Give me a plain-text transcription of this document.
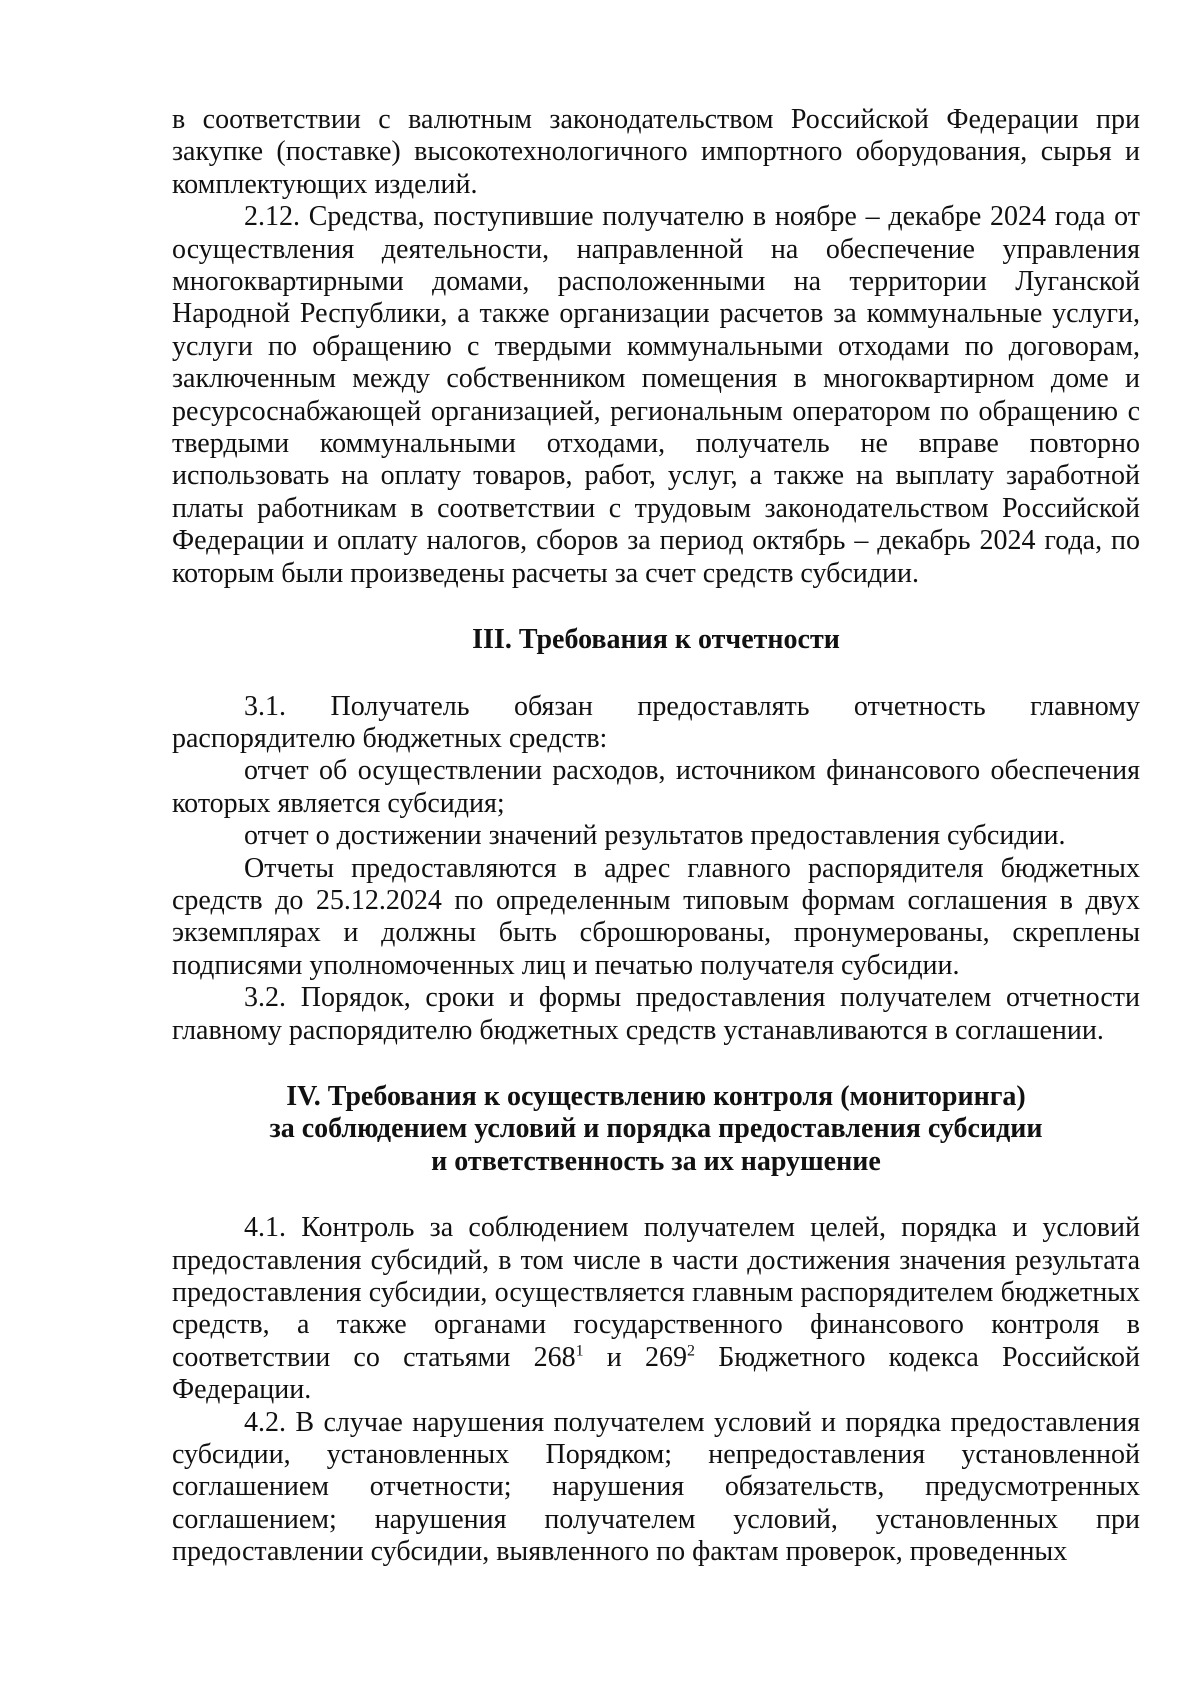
в соответствии с валютным законодательством Российской Федерации при закупке (поставке) высокотехнологичного импортного оборудования, сырья и комплектующих изделий.

2.12. Средства, поступившие получателю в ноябре – декабре 2024 года от осуществления деятельности, направленной на обеспечение управления многоквартирными домами, расположенными на территории Луганской Народной Республики, а также организации расчетов за коммунальные услуги, услуги по обращению с твердыми коммунальными отходами по договорам, заключенным между собственником помещения в многоквартирном доме и ресурсоснабжающей организацией, региональным оператором по обращению с твердыми коммунальными отходами, получатель не вправе повторно использовать на оплату товаров, работ, услуг, а также на выплату заработной платы работникам в соответствии с трудовым законодательством Российской Федерации и оплату налогов, сборов за период октябрь – декабрь 2024 года, по которым были произведены расчеты за счет средств субсидии.

III. Требования к отчетности

3.1. Получатель обязан предоставлять отчетность главному распорядителю бюджетных средств:

отчет об осуществлении расходов, источником финансового обеспечения которых является субсидия;

отчет о достижении значений результатов предоставления субсидии.

Отчеты предоставляются в адрес главного распорядителя бюджетных средств до 25.12.2024 по определенным типовым формам соглашения в двух экземплярах и должны быть сброшюрованы, пронумерованы, скреплены подписями уполномоченных лиц и печатью получателя субсидии.

3.2. Порядок, сроки и формы предоставления получателем отчетности главному распорядителю бюджетных средств устанавливаются в соглашении.

IV. Требования к осуществлению контроля (мониторинга)
за соблюдением условий и порядка предоставления субсидии
и ответственность за их нарушение

4.1. Контроль за соблюдением получателем целей, порядка и условий предоставления субсидий, в том числе в части достижения значения результата предоставления субсидии, осуществляется главным распорядителем бюджетных средств, а также органами государственного финансового контроля в соответствии со статьями $268^1$ и $269^2$ Бюджетного кодекса Российской Федерации.

4.2. В случае нарушения получателем условий и порядка предоставления субсидии, установленных Порядком; непредоставления установленной соглашением отчетности; нарушения обязательств, предусмотренных соглашением; нарушения получателем условий, установленных при предоставлении субсидии, выявленного по фактам проверок, проведенных
